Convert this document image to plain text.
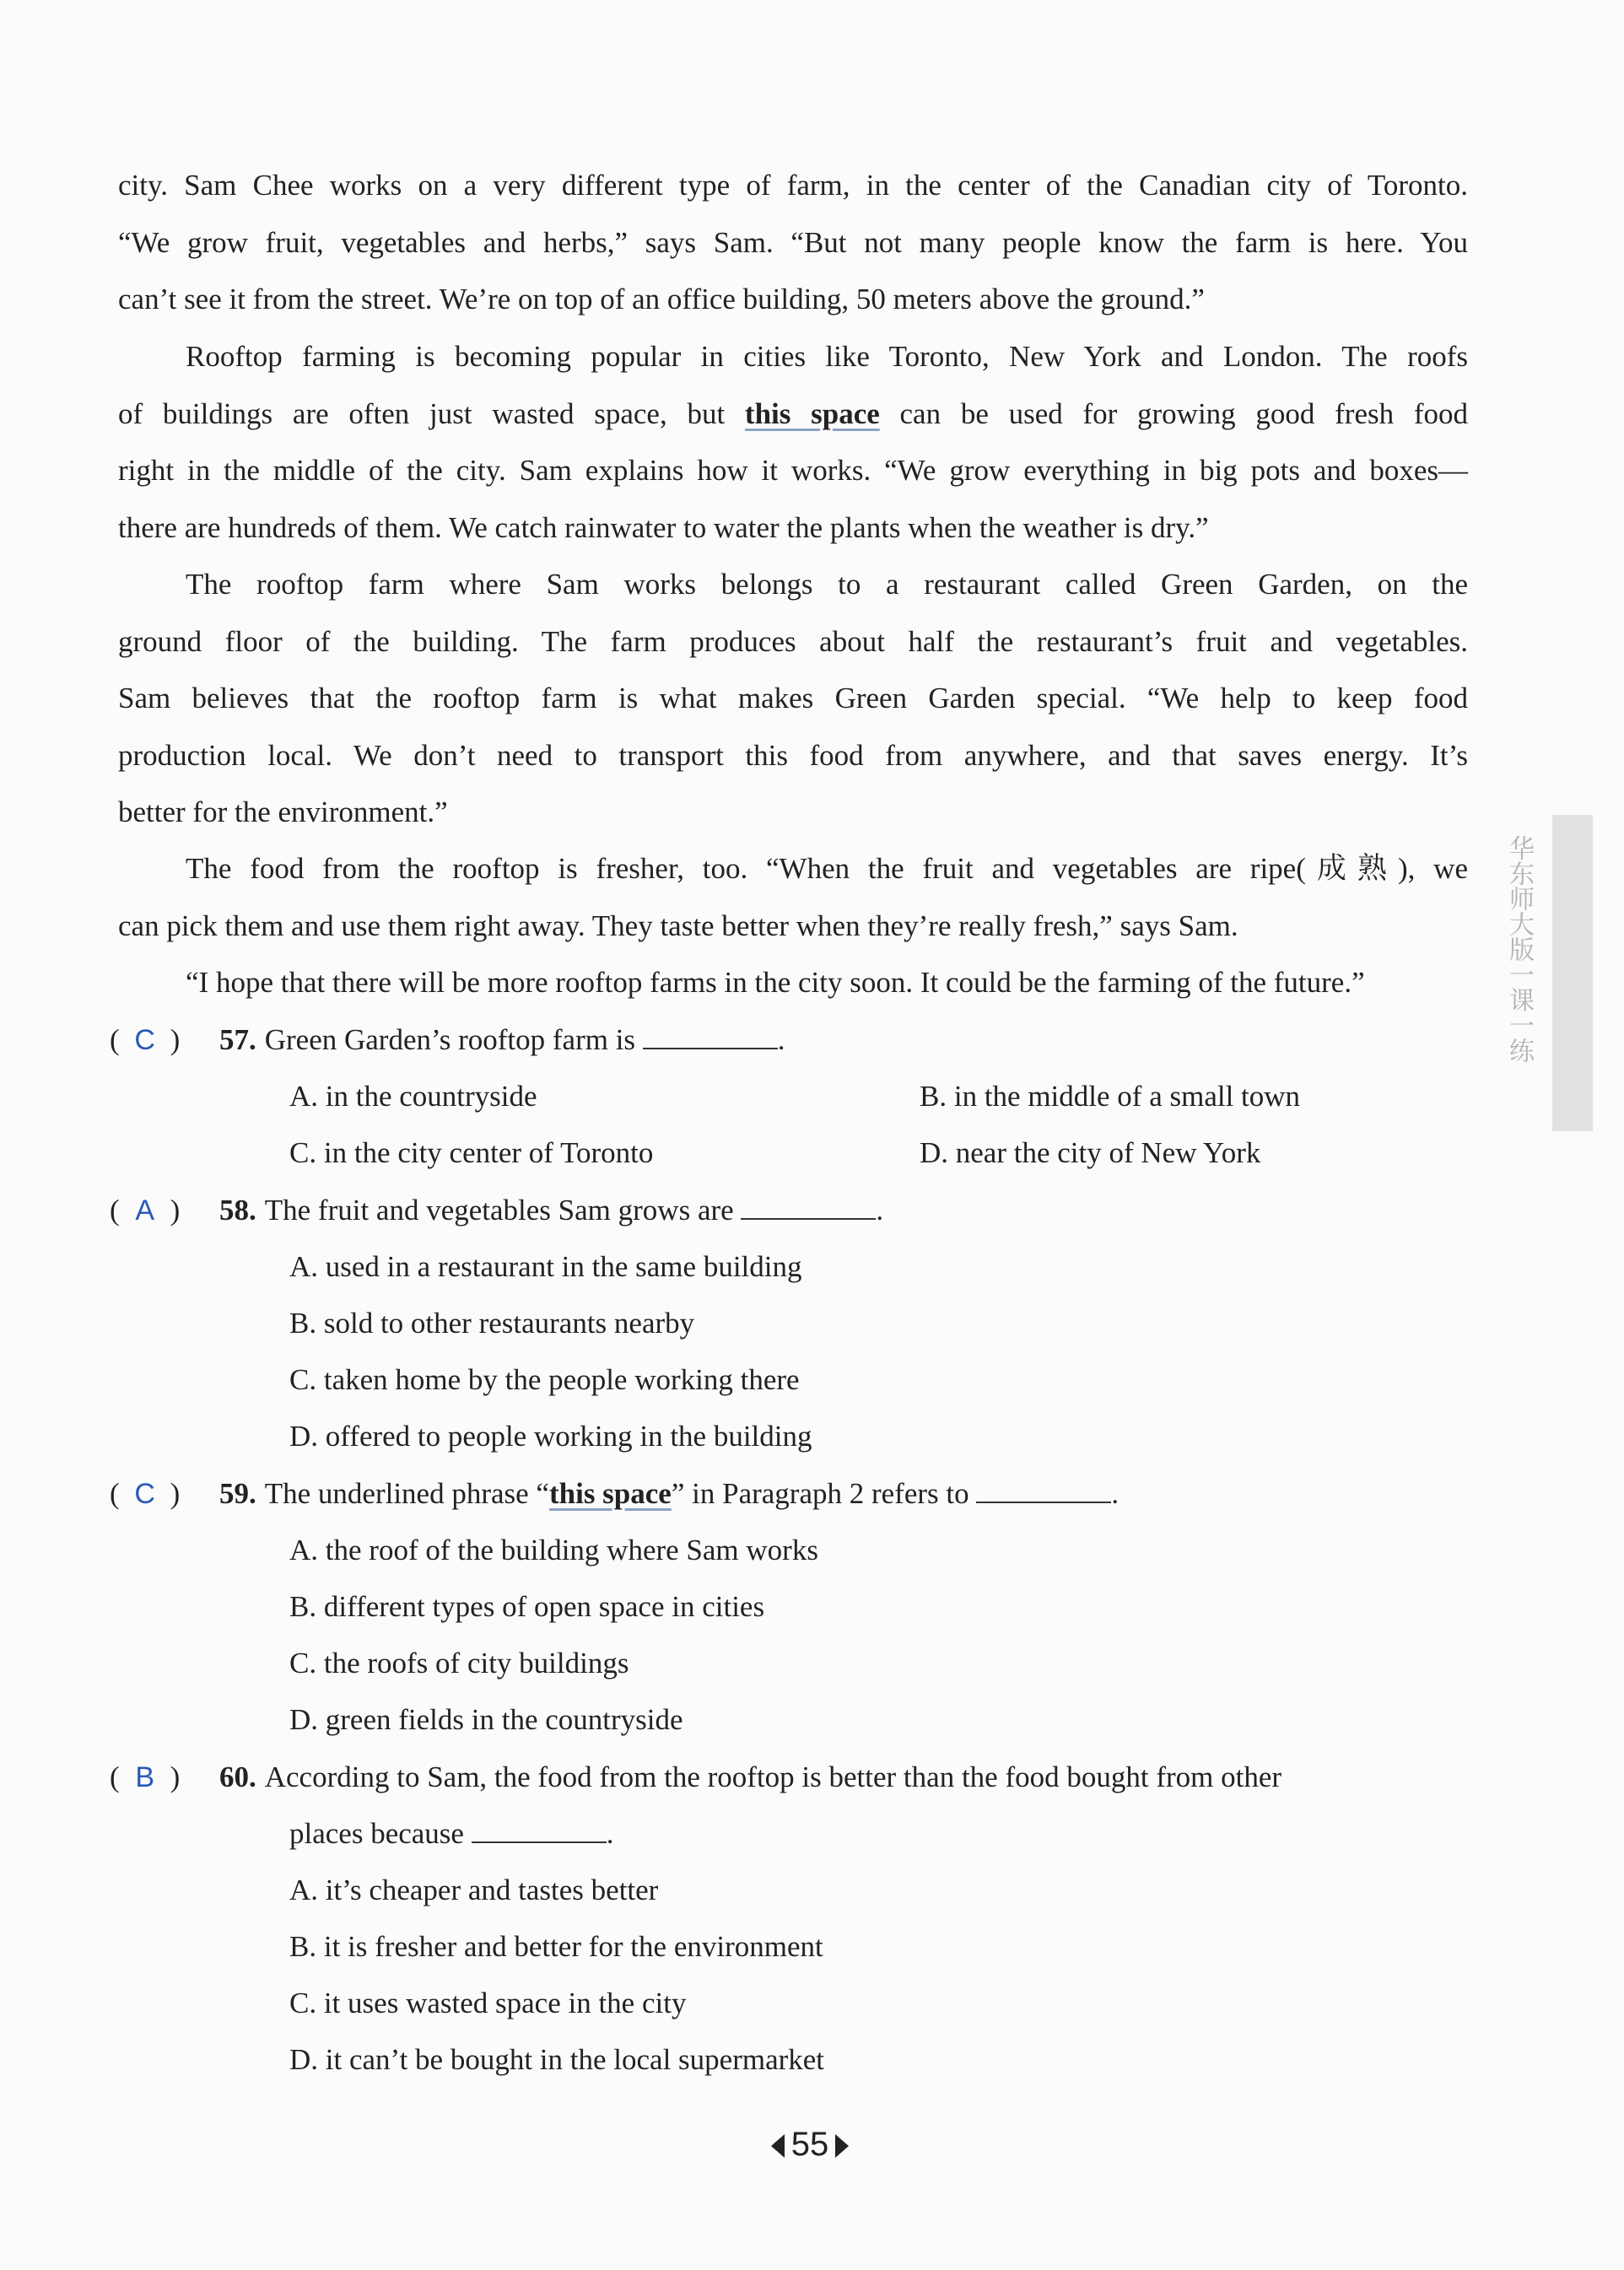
city. Sam Chee works on a very different type of farm, in the center of the Canadian city of Toronto.
“We grow fruit, vegetables and herbs,” says Sam. “But not many people know the farm is here. You
can’t see it from the street. We’re on top of an office building, 50 meters above the ground.”

Rooftop farming is becoming popular in cities like Toronto, New York and London. The roofs
of buildings are often just wasted space, but this space can be used for growing good fresh food
right in the middle of the city. Sam explains how it works. “We grow everything in big pots and boxes—
there are hundreds of them. We catch rainwater to water the plants when the weather is dry.”

The rooftop farm where Sam works belongs to a restaurant called Green Garden, on the
ground floor of the building. The farm produces about half the restaurant’s fruit and vegetables.
Sam believes that the rooftop farm is what makes Green Garden special. “We help to keep food
production local. We don’t need to transport this food from anywhere, and that saves energy. It’s
better for the environment.”

The food from the rooftop is fresher, too. “When the fruit and vegetables are ripe(成熟), we
can pick them and use them right away. They taste better when they’re really fresh,” says Sam.

“I hope that there will be more rooftop farms in the city soon. It could be the farming of the future.”

( C ) 57. Green Garden’s rooftop farm is	.
A. in the countryside	B. in the middle of a small town
C. in the city center of Toronto	D. near the city of New York
( A ) 58. The fruit and vegetables Sam grows are	.
A. used in a restaurant in the same building
B. sold to other restaurants nearby
C. taken home by the people working there
D. offered to people working in the building
( C ) 59. The underlined phrase “this space” in Paragraph 2 refers to	.
A. the roof of the building where Sam works
B. different types of open space in cities
C. the roofs of city buildings
D. green fields in the countryside
( B ) 60. According to Sam, the food from the rooftop is better than the food bought from other
places because	.
A. it’s cheaper and tastes better
B. it is fresher and better for the environment
C. it uses wasted space in the city
D. it can’t be bought in the local supermarket
华东师大版一课一练
55
